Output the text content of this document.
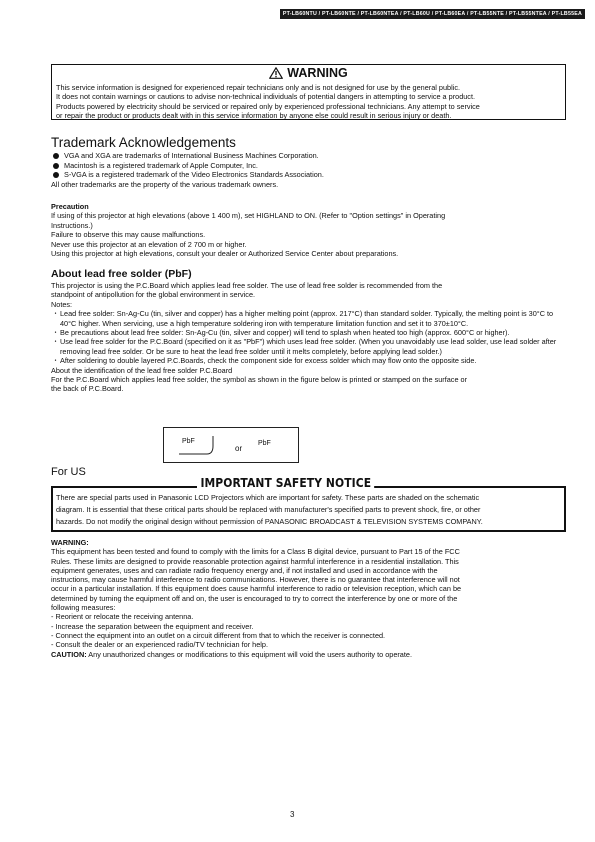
PT-LB60NTU / PT-LB60NTE / PT-LB60NTEA / PT-LB60U / PT-LB60EA / PT-LB55NTE / PT-LB55NTEA / PT-LB55EA
WARNING

This service information is designed for experienced repair technicians only and is not designed for use by the general public.

It does not contain warnings or cautions to advise non-technical individuals of potential dangers in attempting to service a product.

Products powered by electricity should be serviced or repaired only by experienced professional technicians. Any attempt to service

or repair the product or products dealt with in this service information by anyone else could result in serious injury or death.

Trademark Acknowledgements
VGA and XGA are trademarks of International Business Machines Corporation.
Macintosh is a registered trademark of Apple Computer, Inc.
S-VGA is a registered trademark of the Video Electronics Standards Association.
All other trademarks are the property of the various trademark owners.
Precaution

If using of this projector at high elevations (above 1 400 m), set HIGHLAND to ON. (Refer to "Option settings" in Operating

Instructions.)

Failure to observe this may cause malfunctions.

Never use this projector at an elevation of 2 700 m or higher.

Using this projector at high elevations, consult your dealer or Authorized Service Center about preparations.

About lead free solder (PbF)

This projector is using the P.C.Board which applies lead free solder. The use of lead free solder is recommended from the

standpoint of antipollution for the global environment in service.

Notes:

・Lead free solder: Sn-Ag-Cu (tin, silver and copper) has a higher melting point (approx. 217°C) than standard solder. Typically, the melting point is 30°C to 40°C higher. When servicing, use a high temperature soldering iron with temperature limitation function and set it to 370±10°C.

・Be precautions about lead free solder: Sn-Ag-Cu (tin, silver and copper) will tend to splash when heated too high (approx. 600°C or higher).

・Use lead free solder for the P.C.Board (specified on it as "PbF") which uses lead free solder. (When you unavoidably use lead solder, use lead solder after removing lead free solder. Or be sure to heat the lead free solder until it melts completely, before applying lead solder.)

・After soldering to double layered P.C.Boards, check the component side for excess solder which may flow onto the opposite side.

About the identification of the lead free solder P.C.Board

For the P.C.Board which applies lead free solder, the symbol as shown in the figure below is printed or stamped on the surface or

the back of P.C.Board.

PbF
or
PbF
For US
IMPORTANT SAFETY NOTICE

There are special parts used in Panasonic LCD Projectors which are important for safety. These parts are shaded on the schematic

diagram. It is essential that these critical parts should be replaced with manufacturer's specified parts to prevent shock, fire, or other

hazards. Do not modify the original design without permission of PANASONIC BROADCAST & TELEVISION SYSTEMS COMPANY.

WARNING:

This equipment has been tested and found to comply with the limits for a Class B digital device, pursuant to Part 15 of the FCC

Rules. These limits are designed to provide reasonable protection against harmful interference in a residential installation. This

equipment generates, uses and can radiate radio frequency energy and, if not installed and used in accordance with the

instructions, may cause harmful interference to radio communications. However, there is no guarantee that interference will not

occur in a particular installation. If this equipment does cause harmful interference to radio or television reception, which can be

determined by turning the equipment off and on, the user is encouraged to try to correct the interference by one or more of the

following measures:

- Reorient or relocate the receiving antenna.

- Increase the separation between the equipment and receiver.

- Connect the equipment into an outlet on a circuit different from that to which the receiver is connected.

- Consult the dealer or an experienced radio/TV technician for help.

CAUTION: Any unauthorized changes or modifications to this equipment will void the users authority to operate.

3
